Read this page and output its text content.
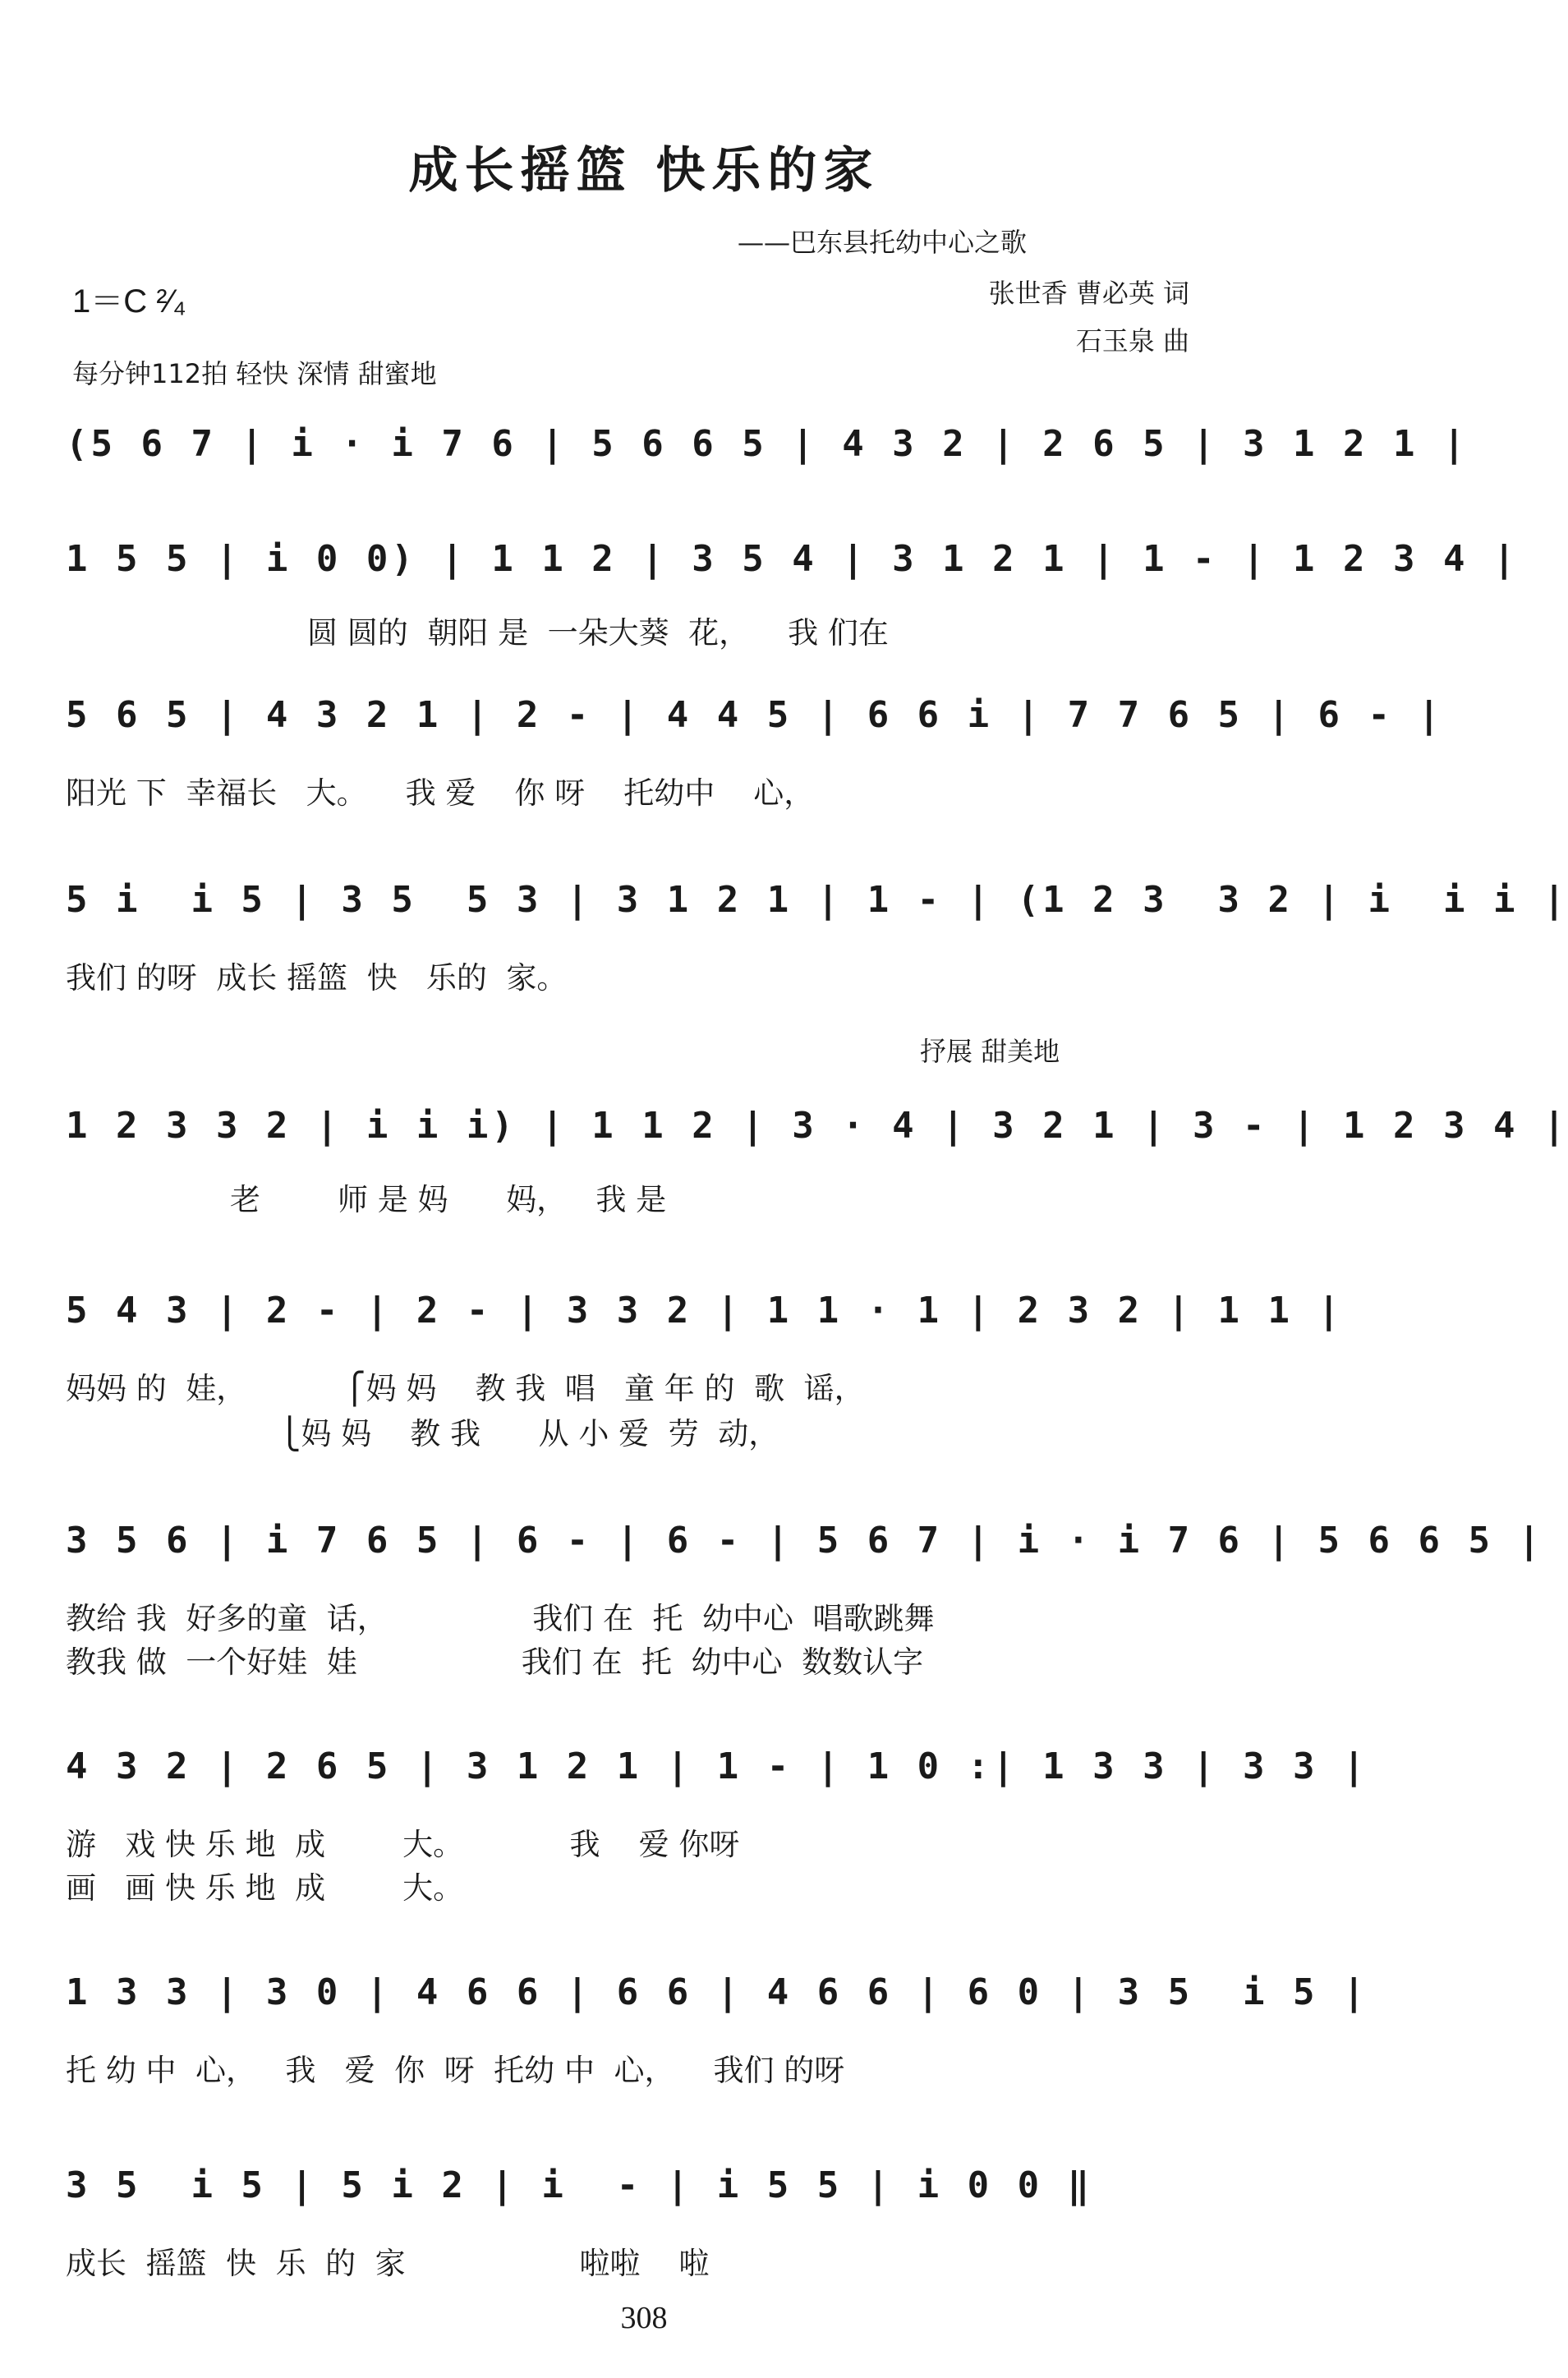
成长摇篮 快乐的家
——巴东县托幼中心之歌
1＝C ²⁄₄	张世香 曹必英 词
石玉泉 曲
每分钟112拍 轻快 深情 甜蜜地
(5 6 7 | i · i 7 6 | 5 6 6 5 | 4 3 2 | 2 6 5 | 3 1 2 1 |
1 5 5 | i 0 0) | 1 1 2 | 3 5 4 | 3 1 2 1 | 1 - | 1 2 3 4 |
圆 圆的  朝阳 是  一朵大葵  花，    我 们在
5 6 5 | 4 3 2 1 | 2 - | 4 4 5 | 6 6 i | 7 7 6 5 | 6 - |
阳光 下  幸福长   大。    我 爱    你 呀    托幼中    心，
5 i  i 5 | 3 5  5 3 | 3 1 2 1 | 1 - | (1 2 3  3 2 | i  i i |
我们 的呀  成长 摇篮  快   乐的  家。
抒展 甜美地
1 2 3 3 2 | i i i) | 1 1 2 | 3 · 4 | 3 2 1 | 3 - | 1 2 3 4 |
老        师 是 妈      妈，   我 是
5 4 3 | 2 - | 2 - | 3 3 2 | 1 1 · 1 | 2 3 2 | 1 1 |
妈妈 的  娃，          ⎧妈 妈    教 我  唱   童 年 的  歌  谣，
⎩妈 妈    教 我      从 小 爱  劳  动，
3 5 6 | i 7 6 5 | 6 - | 6 - | 5 6 7 | i · i 7 6 | 5 6 6 5 |
教给 我  好多的童  话，               我们 在  托  幼中心  唱歌跳舞
教我 做  一个好娃  娃                 我们 在  托  幼中心  数数认字
4 3 2 | 2 6 5 | 3 1 2 1 | 1 - | 1 0 :| 1 3 3 | 3 3 |
游   戏 快 乐 地  成        大。           我    爱 你呀
画   画 快 乐 地  成        大。
1 3 3 | 3 0 | 4 6 6 | 6 6 | 4 6 6 | 6 0 | 3 5  i 5 |
托 幼 中  心，   我   爱  你  呀  托幼 中  心，    我们 的呀
3 5  i 5 | 5 i 2 | i  - | i 5 5 | i 0 0 ‖
成长  摇篮  快  乐  的  家                  啦啦    啦
308
